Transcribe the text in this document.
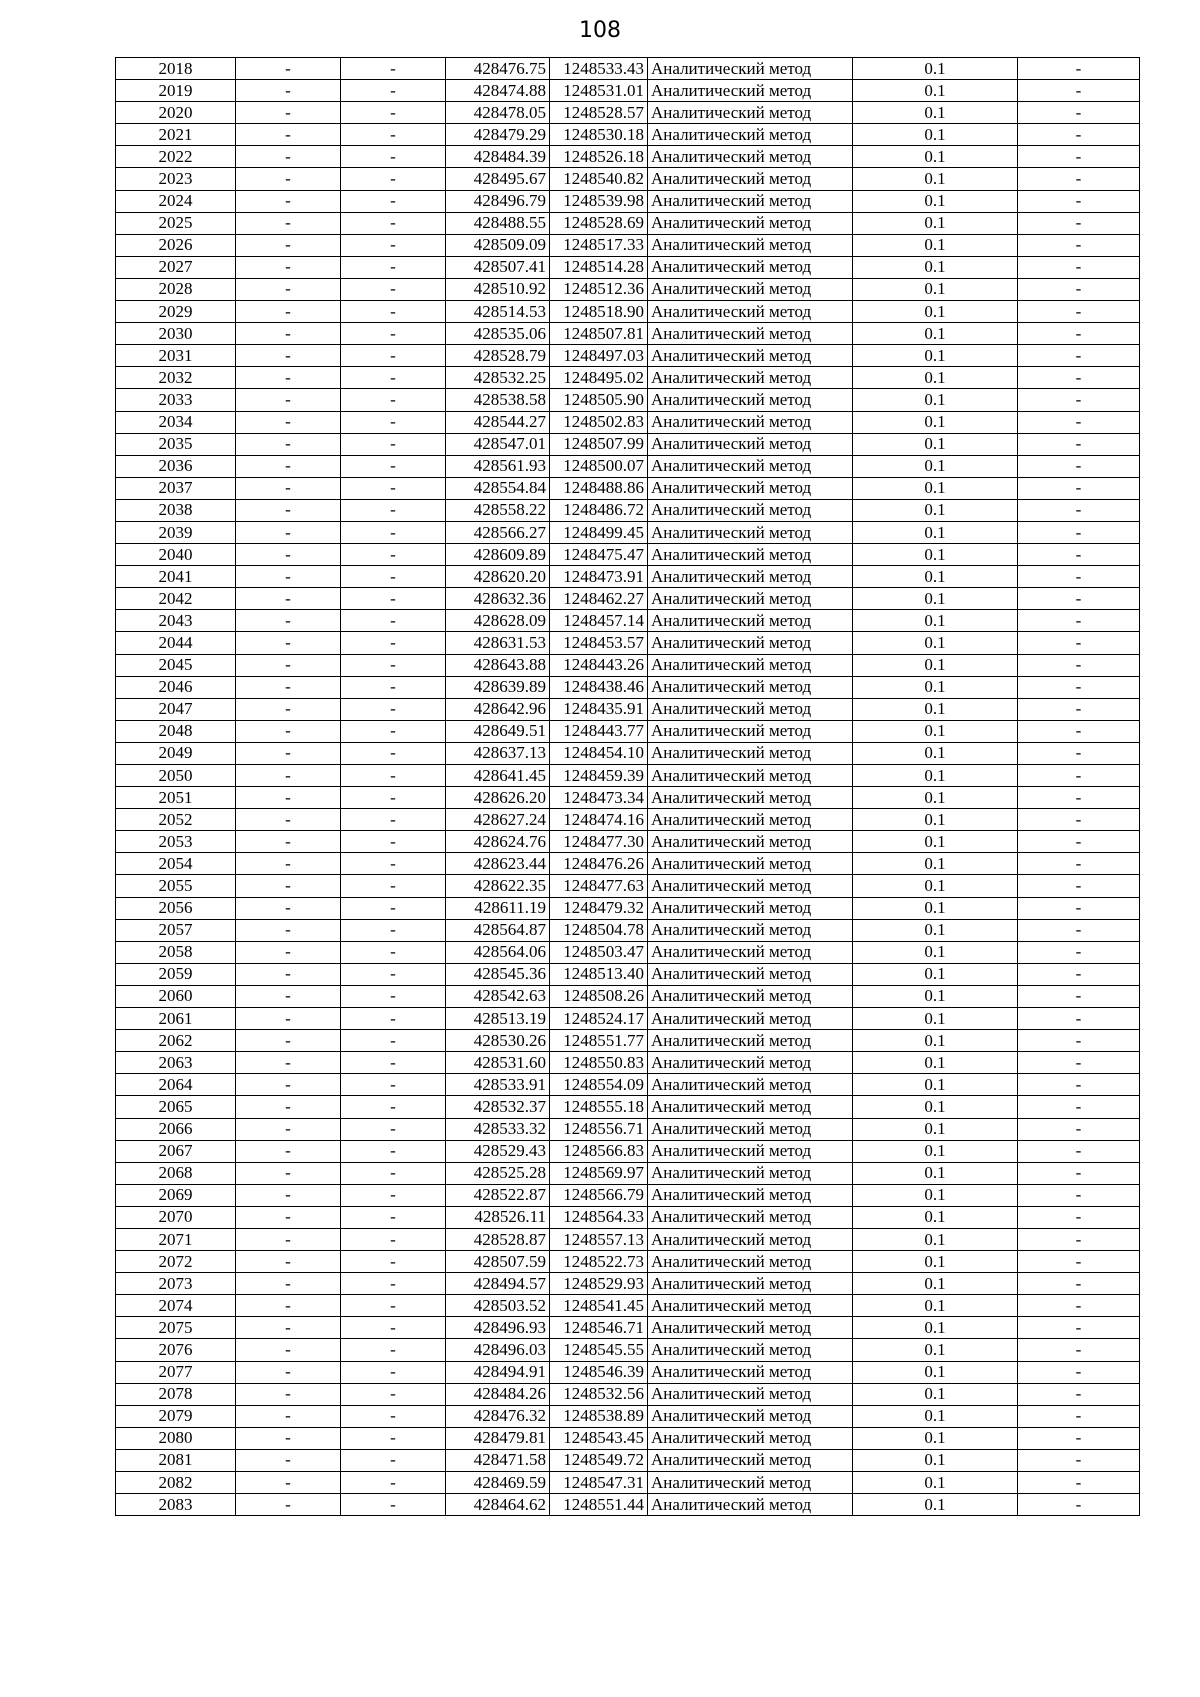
108
2018	-	-	428476.75	1248533.43	Аналитический метод	0.1	-
2019	-	-	428474.88	1248531.01	Аналитический метод	0.1	-
2020	-	-	428478.05	1248528.57	Аналитический метод	0.1	-
2021	-	-	428479.29	1248530.18	Аналитический метод	0.1	-
2022	-	-	428484.39	1248526.18	Аналитический метод	0.1	-
2023	-	-	428495.67	1248540.82	Аналитический метод	0.1	-
2024	-	-	428496.79	1248539.98	Аналитический метод	0.1	-
2025	-	-	428488.55	1248528.69	Аналитический метод	0.1	-
2026	-	-	428509.09	1248517.33	Аналитический метод	0.1	-
2027	-	-	428507.41	1248514.28	Аналитический метод	0.1	-
2028	-	-	428510.92	1248512.36	Аналитический метод	0.1	-
2029	-	-	428514.53	1248518.90	Аналитический метод	0.1	-
2030	-	-	428535.06	1248507.81	Аналитический метод	0.1	-
2031	-	-	428528.79	1248497.03	Аналитический метод	0.1	-
2032	-	-	428532.25	1248495.02	Аналитический метод	0.1	-
2033	-	-	428538.58	1248505.90	Аналитический метод	0.1	-
2034	-	-	428544.27	1248502.83	Аналитический метод	0.1	-
2035	-	-	428547.01	1248507.99	Аналитический метод	0.1	-
2036	-	-	428561.93	1248500.07	Аналитический метод	0.1	-
2037	-	-	428554.84	1248488.86	Аналитический метод	0.1	-
2038	-	-	428558.22	1248486.72	Аналитический метод	0.1	-
2039	-	-	428566.27	1248499.45	Аналитический метод	0.1	-
2040	-	-	428609.89	1248475.47	Аналитический метод	0.1	-
2041	-	-	428620.20	1248473.91	Аналитический метод	0.1	-
2042	-	-	428632.36	1248462.27	Аналитический метод	0.1	-
2043	-	-	428628.09	1248457.14	Аналитический метод	0.1	-
2044	-	-	428631.53	1248453.57	Аналитический метод	0.1	-
2045	-	-	428643.88	1248443.26	Аналитический метод	0.1	-
2046	-	-	428639.89	1248438.46	Аналитический метод	0.1	-
2047	-	-	428642.96	1248435.91	Аналитический метод	0.1	-
2048	-	-	428649.51	1248443.77	Аналитический метод	0.1	-
2049	-	-	428637.13	1248454.10	Аналитический метод	0.1	-
2050	-	-	428641.45	1248459.39	Аналитический метод	0.1	-
2051	-	-	428626.20	1248473.34	Аналитический метод	0.1	-
2052	-	-	428627.24	1248474.16	Аналитический метод	0.1	-
2053	-	-	428624.76	1248477.30	Аналитический метод	0.1	-
2054	-	-	428623.44	1248476.26	Аналитический метод	0.1	-
2055	-	-	428622.35	1248477.63	Аналитический метод	0.1	-
2056	-	-	428611.19	1248479.32	Аналитический метод	0.1	-
2057	-	-	428564.87	1248504.78	Аналитический метод	0.1	-
2058	-	-	428564.06	1248503.47	Аналитический метод	0.1	-
2059	-	-	428545.36	1248513.40	Аналитический метод	0.1	-
2060	-	-	428542.63	1248508.26	Аналитический метод	0.1	-
2061	-	-	428513.19	1248524.17	Аналитический метод	0.1	-
2062	-	-	428530.26	1248551.77	Аналитический метод	0.1	-
2063	-	-	428531.60	1248550.83	Аналитический метод	0.1	-
2064	-	-	428533.91	1248554.09	Аналитический метод	0.1	-
2065	-	-	428532.37	1248555.18	Аналитический метод	0.1	-
2066	-	-	428533.32	1248556.71	Аналитический метод	0.1	-
2067	-	-	428529.43	1248566.83	Аналитический метод	0.1	-
2068	-	-	428525.28	1248569.97	Аналитический метод	0.1	-
2069	-	-	428522.87	1248566.79	Аналитический метод	0.1	-
2070	-	-	428526.11	1248564.33	Аналитический метод	0.1	-
2071	-	-	428528.87	1248557.13	Аналитический метод	0.1	-
2072	-	-	428507.59	1248522.73	Аналитический метод	0.1	-
2073	-	-	428494.57	1248529.93	Аналитический метод	0.1	-
2074	-	-	428503.52	1248541.45	Аналитический метод	0.1	-
2075	-	-	428496.93	1248546.71	Аналитический метод	0.1	-
2076	-	-	428496.03	1248545.55	Аналитический метод	0.1	-
2077	-	-	428494.91	1248546.39	Аналитический метод	0.1	-
2078	-	-	428484.26	1248532.56	Аналитический метод	0.1	-
2079	-	-	428476.32	1248538.89	Аналитический метод	0.1	-
2080	-	-	428479.81	1248543.45	Аналитический метод	0.1	-
2081	-	-	428471.58	1248549.72	Аналитический метод	0.1	-
2082	-	-	428469.59	1248547.31	Аналитический метод	0.1	-
2083	-	-	428464.62	1248551.44	Аналитический метод	0.1	-
